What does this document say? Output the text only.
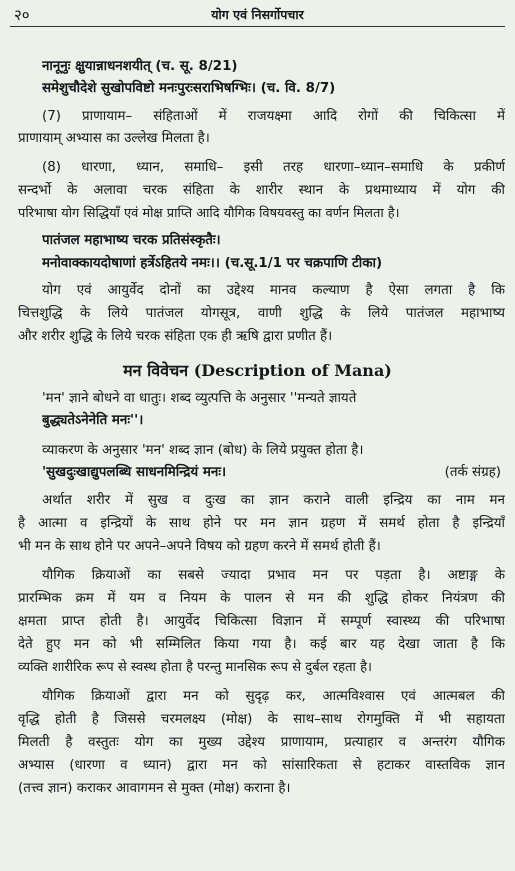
२०	योग एवं निसर्गोपचार
नानूनुः क्षुयान्नाधनशयीत् (च. सू. 8/21)
समेशुचौदेशे सुखोपविष्टो मनःपुरःसराभिषग्भिः। (च. वि. 8/7)
(7) प्राणायाम– संहिताओं में राजयक्ष्मा आदि रोगों की चिकित्सा में
प्राणायाम् अभ्यास का उल्लेख मिलता है।
(8) धारणा, ध्यान, समाधि– इसी तरह धारणा–ध्यान–समाधि के प्रकीर्ण
सन्दर्भो के अलावा चरक संहिता के शारीर स्थान के प्रथमाध्याय में योग की
परिभाषा योग सिद्धियाँ एवं मोक्ष प्राप्ति आदि यौगिक विषयवस्तु का वर्णन मिलता है।
पातंजल महाभाष्य चरक प्रतिसंस्कृतैः।
मनोवाक्कायदोषाणां हर्त्रेऽहितये नमः।। (च.सू.1/1 पर चक्रपाणि टीका)
योग एवं आयुर्वेद दोनों का उद्देश्य मानव कल्याण है ऐसा लगता है कि
चित्तशुद्धि के लिये पातंजल योगसूत्र, वाणी शुद्धि के लिये पातंजल महाभाष्य
और शरीर शुद्धि के लिये चरक संहिता एक ही ऋषि द्वारा प्रणीत हैं।
मन विवेचन (Description of Mana)
'मन' ज्ञाने बोधने वा धातुः। शब्द व्युत्पत्ति के अनुसार ''मन्यते ज्ञायते
बुद्ध्यतेऽनेनेति मनः''।
व्याकरण के अनुसार 'मन' शब्द ज्ञान (बोध) के लिये प्रयुक्त होता है।
'सुखदुःखाद्युपलब्धि साधनमिन्द्रियं मनः।	(तर्क संग्रह)
अर्थात शरीर में सुख व दुःख का ज्ञान कराने वाली इन्द्रिय का नाम मन
है आत्मा व इन्द्रियों के साथ होने पर मन ज्ञान ग्रहण में समर्थ होता है इन्द्रियाँ
भी मन के साथ होने पर अपने–अपने विषय को ग्रहण करने में समर्थ होती हैं।
यौगिक क्रियाओं का सबसे ज्यादा प्रभाव मन पर पड़ता है। अष्टाङ्ग के
प्रारम्भिक क्रम में यम व नियम के पालन से मन की शुद्धि होकर नियंत्रण की
क्षमता प्राप्त होती है। आयुर्वेद चिकित्सा विज्ञान में सम्पूर्ण स्वास्थ्य की परिभाषा
देते हुए मन को भी सम्मिलित किया गया है। कई बार यह देखा जाता है कि
व्यक्ति शारीरिक रूप से स्वस्थ होता है परन्तु मानसिक रूप से दुर्बल रहता है।
यौगिक क्रियाओं द्वारा मन को सुदृढ़ कर, आत्मविश्वास एवं आत्मबल की
वृद्धि होती है जिससे चरमलक्ष्य (मोक्ष) के साथ–साथ रोगमुक्ति में भी सहायता
मिलती है वस्तुतः योग का मुख्य उद्देश्य प्राणायाम, प्रत्याहार व अन्तरंग यौगिक
अभ्यास (धारणा व ध्यान) द्वारा मन को सांसारिकता से हटाकर वास्तविक ज्ञान
(तत्त्व ज्ञान) कराकर आवागमन से मुक्त (मोक्ष) कराना है।
